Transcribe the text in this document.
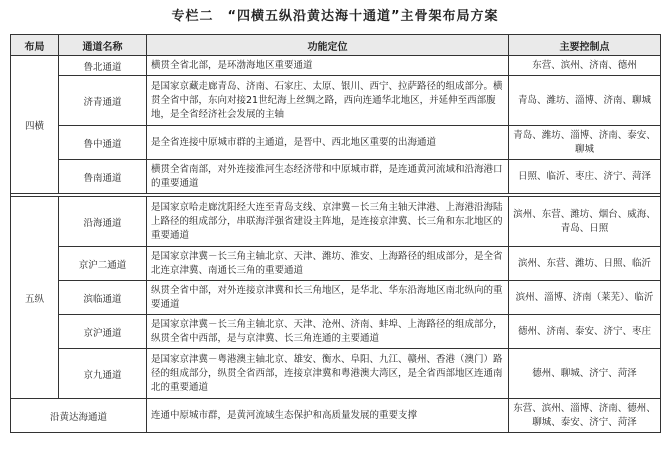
专栏二　“四横五纵沿黄达海十通道”主骨架布局方案
布局	通道名称	功能定位	主要控制点
四横	鲁北通道	横贯全省北部，是环渤海地区重要通道	东营、滨州、济南、德州
	济青通道	是国家京藏走廊青岛、济南、石家庄、太原、银川、西宁、拉萨路径的组成部分。横贯全省中部，东向对接21世纪海上丝绸之路，西向连通华北地区，并延伸至西部腹地，是全省经济社会发展的主轴	青岛、潍坊、淄博、济南、聊城
	鲁中通道	是全省连接中原城市群的主通道，是晋中、西北地区重要的出海通道	青岛、潍坊、淄博、济南、泰安、聊城
	鲁南通道	横贯全省南部，对外连接淮河生态经济带和中原城市群，是连通黄河流域和沿海港口的重要通道	日照、临沂、枣庄、济宁、菏泽

五纵	沿海通道	是国家京哈走廊沈阳经大连至青岛支线、京津冀－长三角主轴天津港、上海港沿海陆上路径的组成部分，串联海洋强省建设主阵地，是连接京津冀、长三角和东北地区的重要通道	滨州、东营、潍坊、烟台、威海、青岛、日照
	京沪二通道	是国家京津冀－长三角主轴北京、天津、潍坊、淮安、上海路径的组成部分，是全省北连京津冀、南通长三角的重要通道	滨州、东营、潍坊、日照、临沂
	滨临通道	纵贯全省中部，对外连接京津冀和长三角地区，是华北、华东沿海地区南北纵向的重要通道	滨州、淄博、济南（莱芜）、临沂
	京沪通道	是国家京津冀－长三角主轴北京、天津、沧州、济南、蚌埠、上海路径的组成部分，纵贯全省中西部，是与京津冀、长三角连通的主要通道	德州、济南、泰安、济宁、枣庄
	京九通道	是国家京津冀－粤港澳主轴北京、雄安、衡水、阜阳、九江、赣州、香港（澳门）路径的组成部分，纵贯全省西部，连接京津冀和粤港澳大湾区，是全省西部地区连通南北的重要通道	德州、聊城、济宁、菏泽
沿黄达海通道		连通中原城市群，是黄河流域生态保护和高质量发展的重要支撑	东营、滨州、淄博、济南、德州、聊城、泰安、济宁、菏泽
